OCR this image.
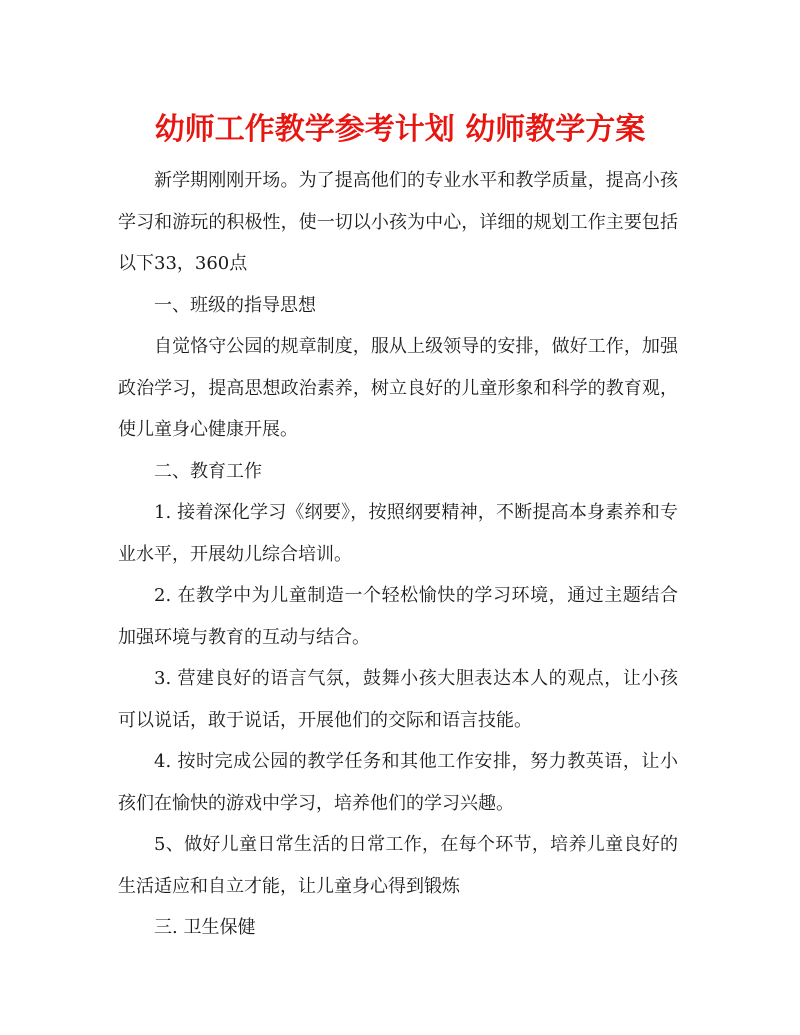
幼师工作教学参考计划 幼师教学方案

新学期刚刚开场。为了提高他们的专业水平和教学质量，提高小孩学习和游玩的积极性，使一切以小孩为中心，详细的规划工作主要包括以下33，360点

一、班级的指导思想

自觉恪守公园的规章制度，服从上级领导的安排，做好工作，加强政治学习，提高思想政治素养，树立良好的儿童形象和科学的教育观，使儿童身心健康开展。

二、教育工作

1. 接着深化学习《纲要》，按照纲要精神，不断提高本身素养和专业水平，开展幼儿综合培训。

2. 在教学中为儿童制造一个轻松愉快的学习环境，通过主题结合加强环境与教育的互动与结合。

3. 营建良好的语言气氛，鼓舞小孩大胆表达本人的观点，让小孩可以说话，敢于说话，开展他们的交际和语言技能。

4. 按时完成公园的教学任务和其他工作安排，努力教英语，让小孩们在愉快的游戏中学习，培养他们的学习兴趣。

5、做好儿童日常生活的日常工作，在每个环节，培养儿童良好的生活适应和自立才能，让儿童身心得到锻炼

三. 卫生保健
